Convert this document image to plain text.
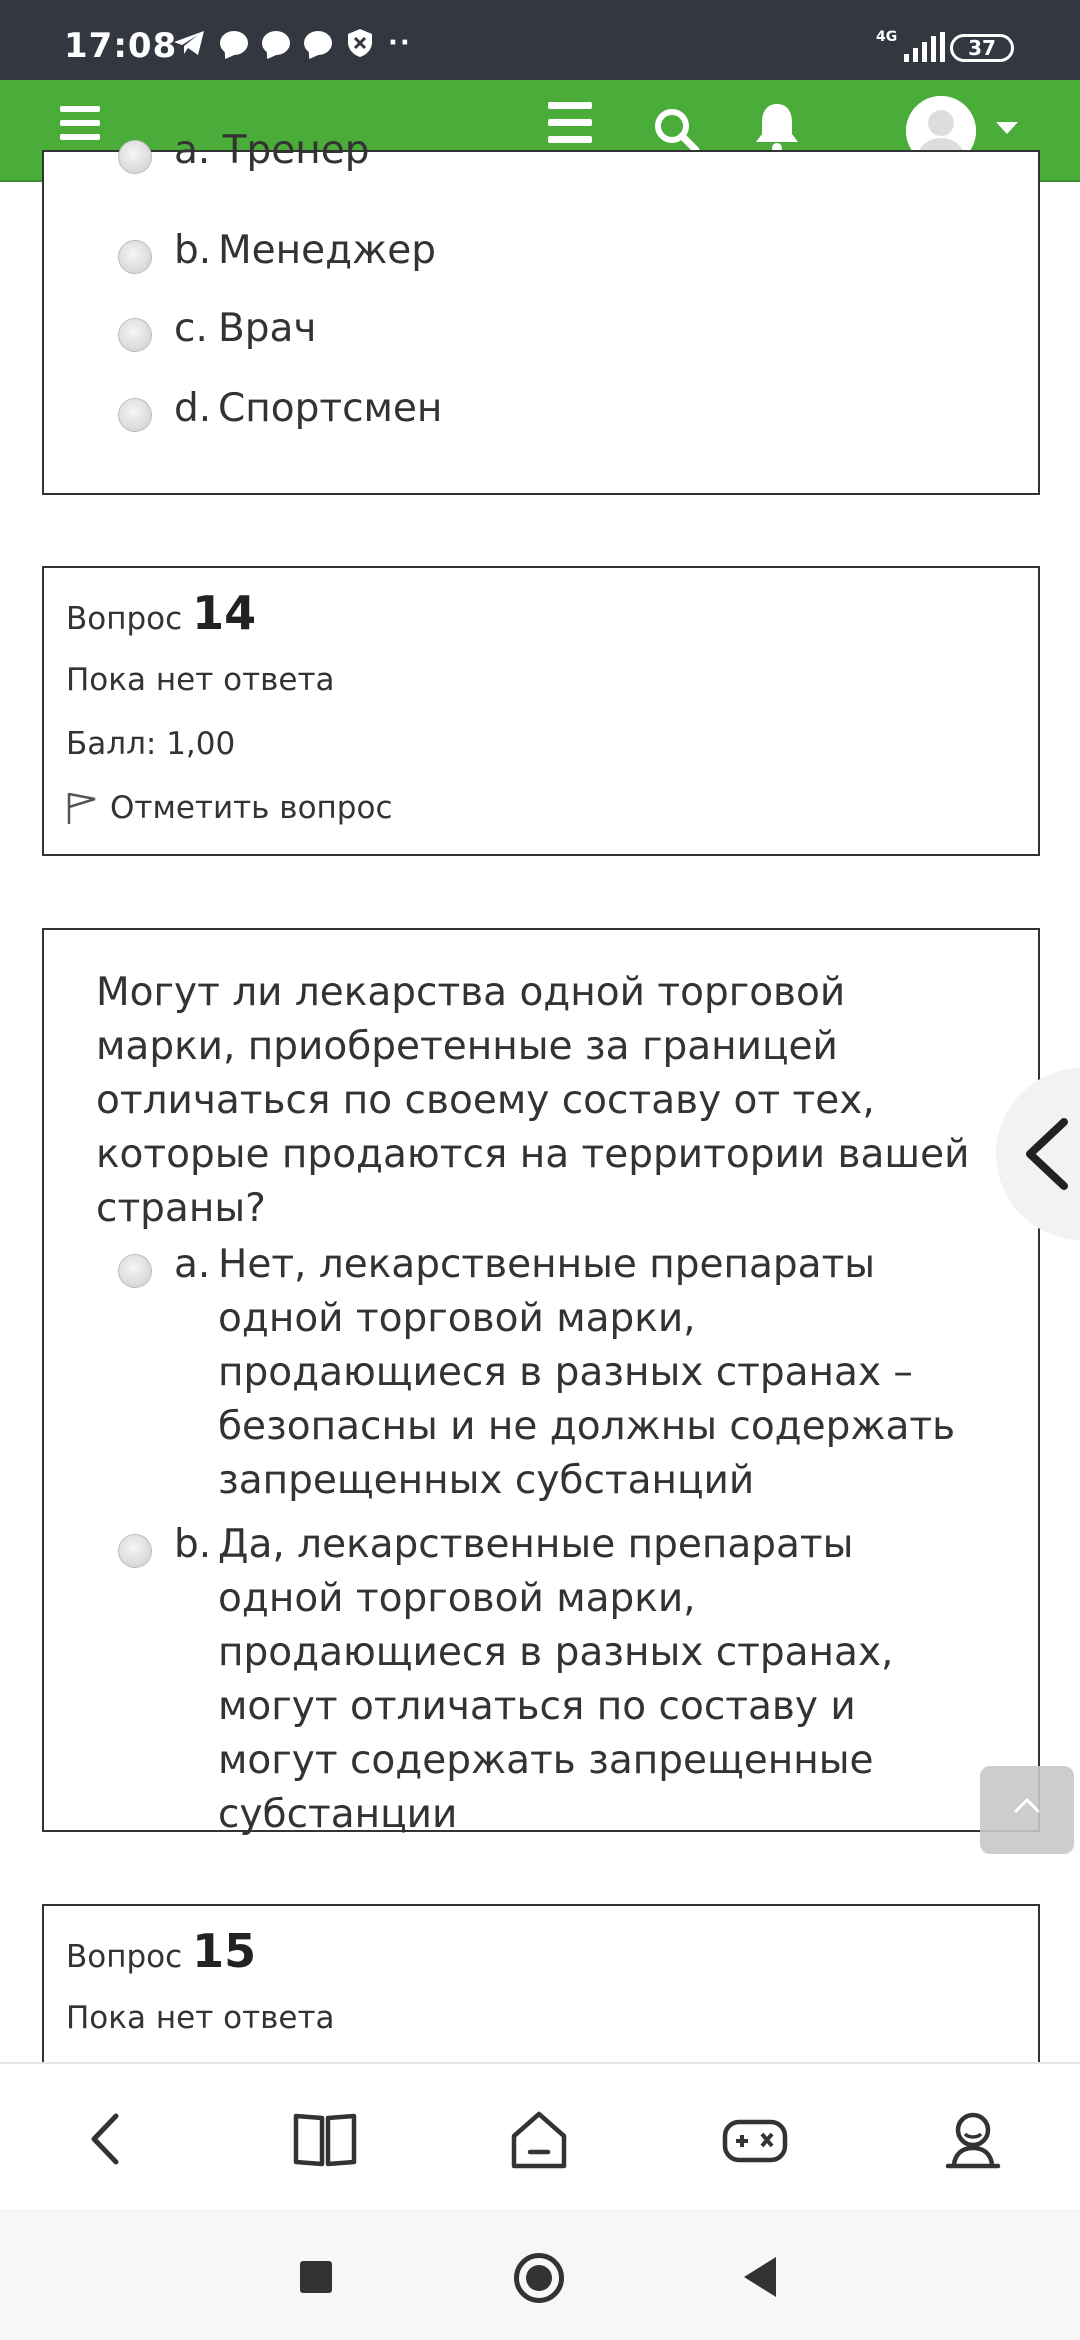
17:08	··	4G	37
a. Тренер
b. Менеджер
c. Врач
d. Спортсмен
Вопрос 14
Пока нет ответа
Балл: 1,00
Отметить вопрос
Могут ли лекарства одной торговой марки, приобретенные за границей отличаться по своему составу от тех, которые продаются на территории вашей страны?
a. Нет, лекарственные препараты одной торговой марки, продающиеся в разных странах – безопасны и не должны содержать запрещенных субстанций
b. Да, лекарственные препараты одной торговой марки, продающиеся в разных странах, могут отличаться по составу и могут содержать запрещенные субстанции
Вопрос 15
Пока нет ответа
